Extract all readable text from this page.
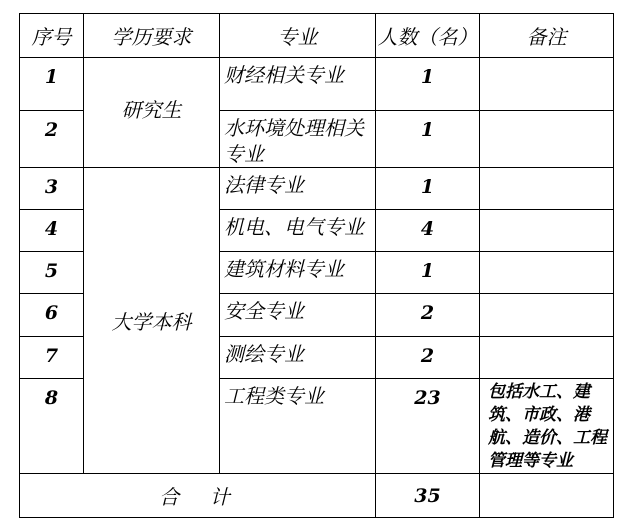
序号	学历要求	专业	人数（名）	备注
1	研究生	财经相关专业	1	
2		水环境处理相关专业	1	
3	大学本科	法律专业	1	
4		机电、电气专业	4	
5		建筑材料专业	1	
6		安全专业	2	
7		测绘专业	2	
8		工程类专业	23	包括水工、建筑、市政、港航、造价、工程管理等专业
合  计			35	
